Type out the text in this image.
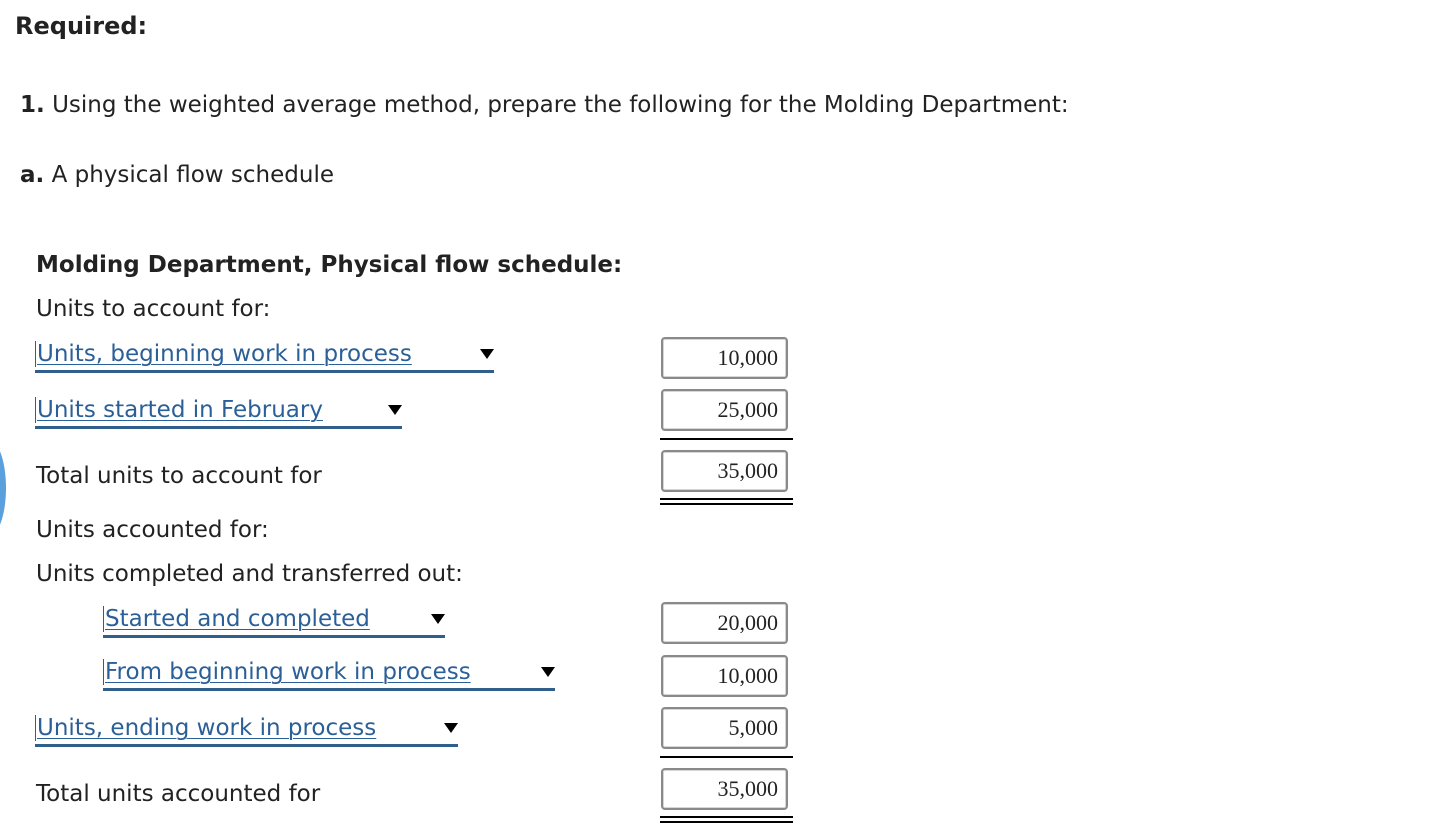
Required:
1. Using the weighted average method, prepare the following for the Molding Department:
a. A physical flow schedule
Molding Department, Physical flow schedule:
Units to account for:
Units, beginning work in process	10,000
Units started in February	25,000
Total units to account for	35,000
Units accounted for:
Units completed and transferred out:
Started and completed	20,000
From beginning work in process	10,000
Units, ending work in process	5,000
Total units accounted for	35,000
